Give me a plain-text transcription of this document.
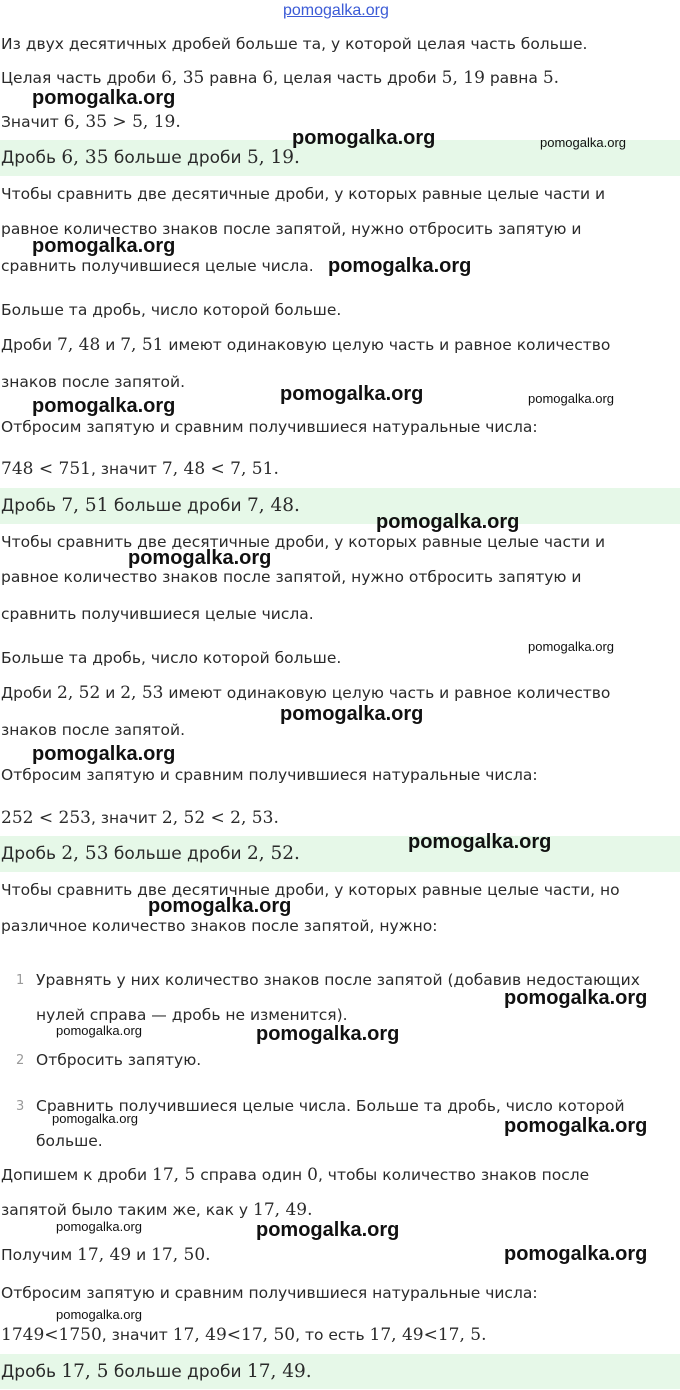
pomogalka.org
Из двух десятичных дробей больше та, у которой целая часть больше.
Целая часть дроби 6, 35 равна 6, целая часть дроби 5, 19 равна 5.
Значит 6, 35 > 5, 19.
Дробь 6, 35 больше дроби 5, 19.
Чтобы сравнить две десятичные дроби, у которых равные целые части и
равное количество знаков после запятой, нужно отбросить запятую и
сравнить получившиеся целые числа.
Больше та дробь, число которой больше.
Дроби 7, 48 и 7, 51 имеют одинаковую целую часть и равное количество
знаков после запятой.
Отбросим запятую и сравним получившиеся натуральные числа:
748 < 751, значит 7, 48 < 7, 51.
Дробь 7, 51 больше дроби 7, 48.
Чтобы сравнить две десятичные дроби, у которых равные целые части и
равное количество знаков после запятой, нужно отбросить запятую и
сравнить получившиеся целые числа.
Больше та дробь, число которой больше.
Дроби 2, 52 и 2, 53 имеют одинаковую целую часть и равное количество
знаков после запятой.
Отбросим запятую и сравним получившиеся натуральные числа:
252 < 253, значит 2, 52 < 2, 53.
Дробь 2, 53 больше дроби 2, 52.
Чтобы сравнить две десятичные дроби, у которых равные целые части, но
различное количество знаков после запятой, нужно:
1 Уравнять у них количество знаков после запятой (добавив недостающих
нулей справа — дробь не изменится).
2 Отбросить запятую.
3 Сравнить получившиеся целые числа. Больше та дробь, число которой
больше.
Допишем к дроби 17, 5 справа один 0, чтобы количество знаков после
запятой было таким же, как у 17, 49.
Получим 17, 49 и 17, 50.
Отбросим запятую и сравним получившиеся натуральные числа:
1749<1750, значит 17, 49<17, 50, то есть 17, 49<17, 5.
Дробь 17, 5 больше дроби 17, 49.
pomogalka.org
pomogalka.org	pomogalka.org
pomogalka.org
pomogalka.org
pomogalka.org	pomogalka.org
pomogalka.org
pomogalka.org
pomogalka.org
pomogalka.org
pomogalka.org
pomogalka.org
pomogalka.org
pomogalka.org
pomogalka.org
pomogalka.org	pomogalka.org
pomogalka.org	pomogalka.org
pomogalka.org	pomogalka.org
pomogalka.org
pomogalka.org
